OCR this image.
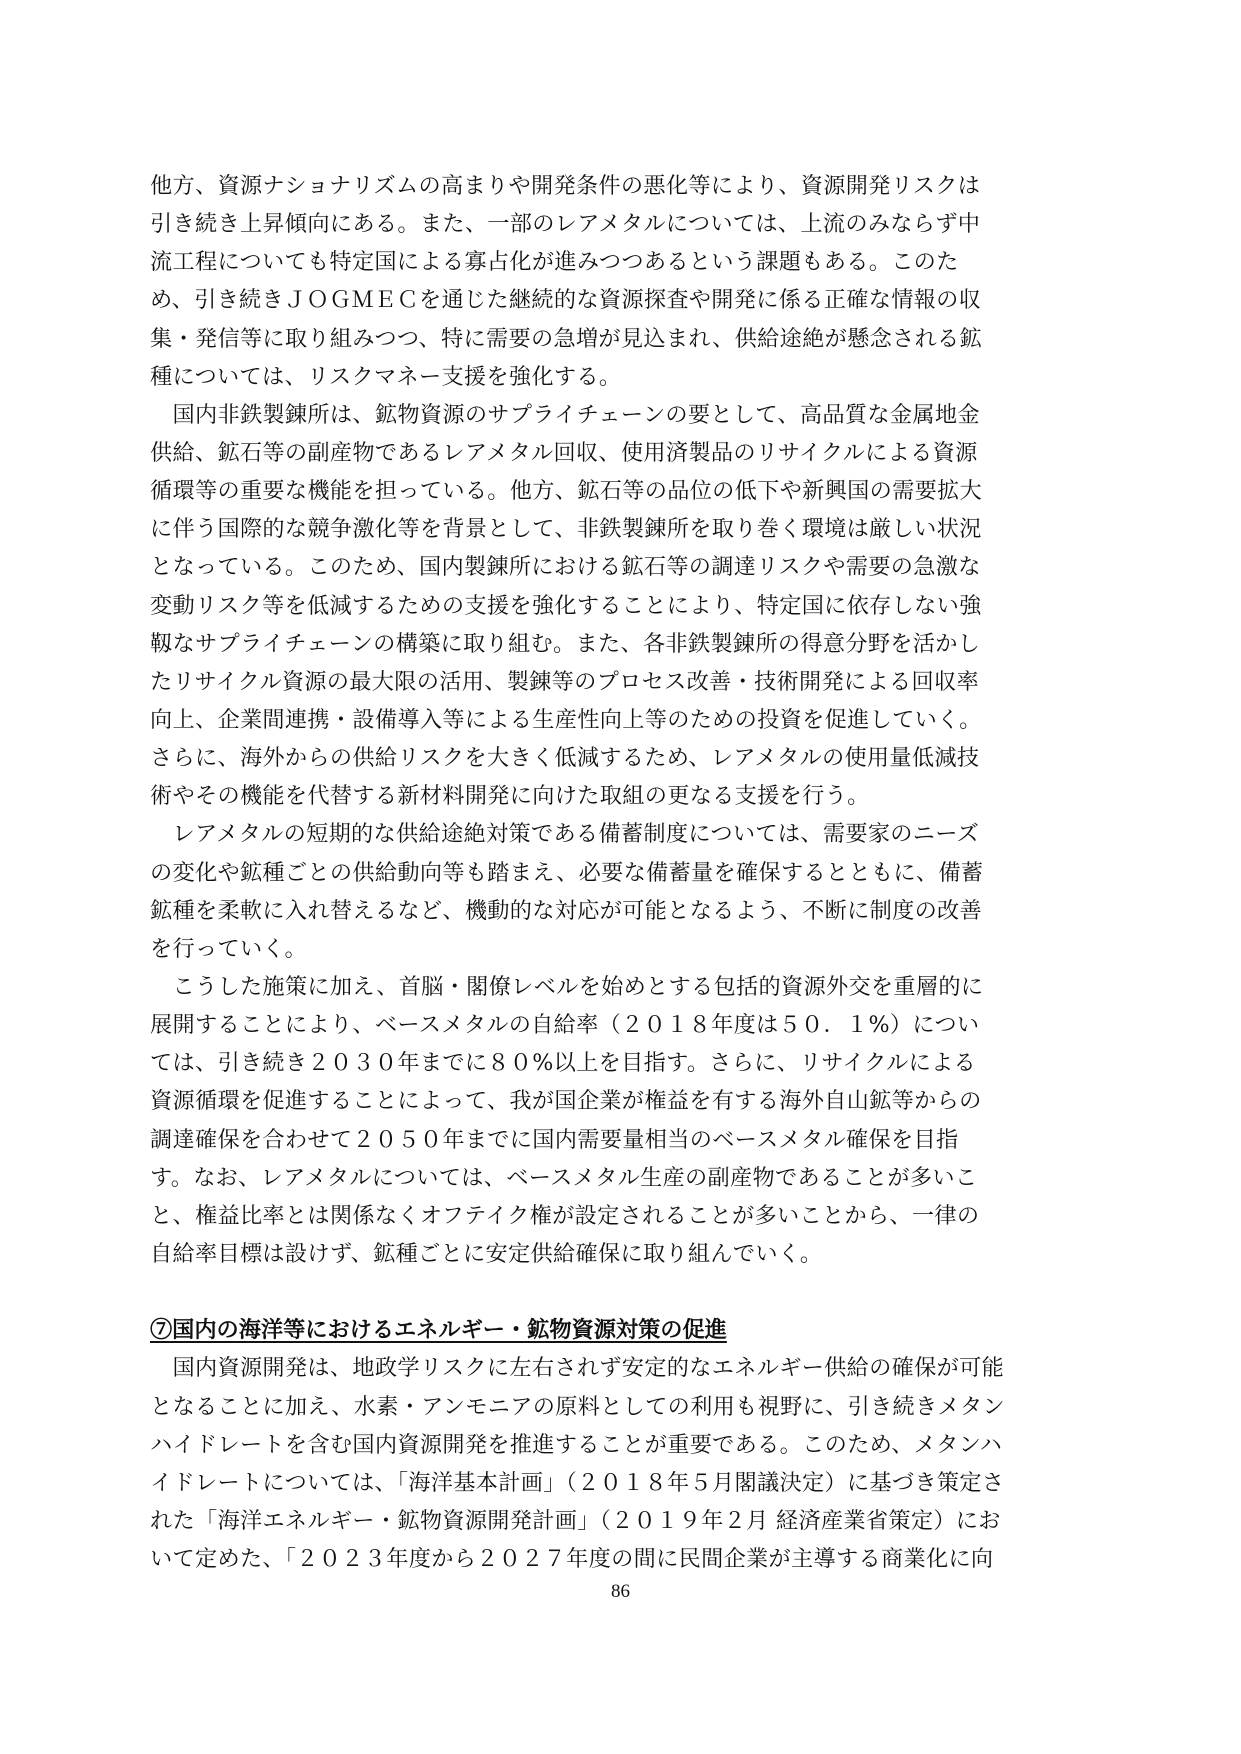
他方、資源ナショナリズムの高まりや開発条件の悪化等により、資源開発リスクは
引き続き上昇傾向にある。また、一部のレアメタルについては、上流のみならず中
流工程についても特定国による寡占化が進みつつあるという課題もある。このた
め、引き続きＪＯＧＭＥＣを通じた継続的な資源探査や開発に係る正確な情報の収
集・発信等に取り組みつつ、特に需要の急増が見込まれ、供給途絶が懸念される鉱
種については、リスクマネー支援を強化する。
　国内非鉄製錬所は、鉱物資源のサプライチェーンの要として、高品質な金属地金
供給、鉱石等の副産物であるレアメタル回収、使用済製品のリサイクルによる資源
循環等の重要な機能を担っている。他方、鉱石等の品位の低下や新興国の需要拡大
に伴う国際的な競争激化等を背景として、非鉄製錬所を取り巻く環境は厳しい状況
となっている。このため、国内製錬所における鉱石等の調達リスクや需要の急激な
変動リスク等を低減するための支援を強化することにより、特定国に依存しない強
靱なサプライチェーンの構築に取り組む。また、各非鉄製錬所の得意分野を活かし
たリサイクル資源の最大限の活用、製錬等のプロセス改善・技術開発による回収率
向上、企業間連携・設備導入等による生産性向上等のための投資を促進していく。
さらに、海外からの供給リスクを大きく低減するため、レアメタルの使用量低減技
術やその機能を代替する新材料開発に向けた取組の更なる支援を行う。
　レアメタルの短期的な供給途絶対策である備蓄制度については、需要家のニーズ
の変化や鉱種ごとの供給動向等も踏まえ、必要な備蓄量を確保するとともに、備蓄
鉱種を柔軟に入れ替えるなど、機動的な対応が可能となるよう、不断に制度の改善
を行っていく。
　こうした施策に加え、首脳・閣僚レベルを始めとする包括的資源外交を重層的に
展開することにより、ベースメタルの自給率（２０１８年度は５０．１%）につい
ては、引き続き２０３０年までに８０%以上を目指す。さらに、リサイクルによる
資源循環を促進することによって、我が国企業が権益を有する海外自山鉱等からの
調達確保を合わせて２０５０年までに国内需要量相当のベースメタル確保を目指
す。なお、レアメタルについては、ベースメタル生産の副産物であることが多いこ
と、権益比率とは関係なくオフテイク権が設定されることが多いことから、一律の
自給率目標は設けず、鉱種ごとに安定供給確保に取り組んでいく。
⑦国内の海洋等におけるエネルギー・鉱物資源対策の促進
　国内資源開発は、地政学リスクに左右されず安定的なエネルギー供給の確保が可能
となることに加え、水素・アンモニアの原料としての利用も視野に、引き続きメタン
ハイドレートを含む国内資源開発を推進することが重要である。このため、メタンハ
イドレートについては、「海洋基本計画」（２０１８年５月閣議決定）に基づき策定さ
れた「海洋エネルギー・鉱物資源開発計画」（２０１９年２月 経済産業省策定）にお
いて定めた、「２０２３年度から２０２７年度の間に民間企業が主導する商業化に向
86
